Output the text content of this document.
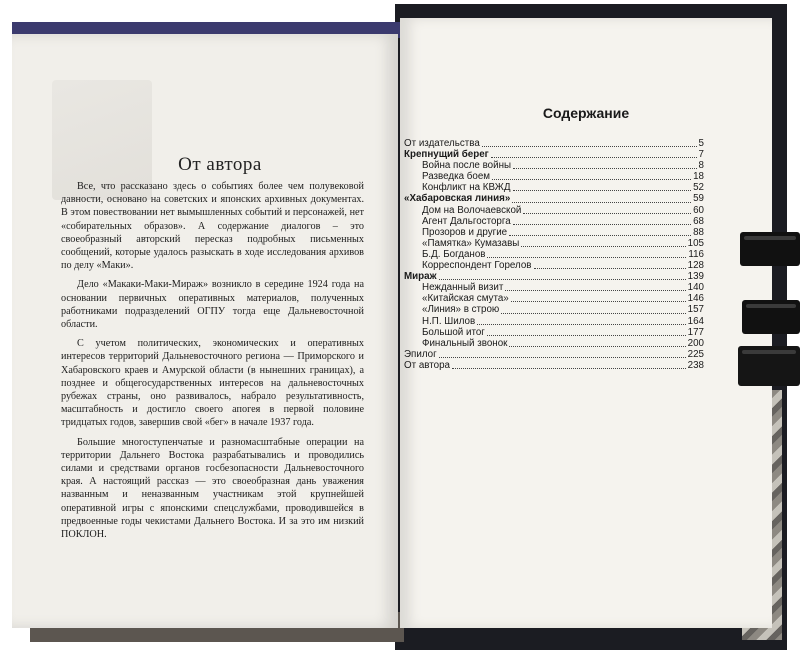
От автора

Все, что рассказано здесь о событиях более чем полувековой давности, основано на советских и японских архивных документах. В этом повествовании нет вымышленных событий и персонажей, нет «собирательных образов». А содержание диалогов – это своеобразный авторский пересказ подробных письменных сообщений, которые удалось разыскать в ходе исследования архивов по делу «Маки».

Дело «Макаки-Маки-Мираж» возникло в середине 1924 года на основании первичных оперативных материалов, полученных работниками подразделений ОГПУ тогда еще Дальневосточной области.

С учетом политических, экономических и оперативных интересов территорий Дальневосточного региона — Приморского и Хабаровского краев и Амурской области (в нынешних границах), а позднее и общегосударственных интересов на дальневосточных рубежах страны, оно развивалось, набрало результативность, масштабность и достигло своего апогея в первой половине тридцатых годов, завершив свой «бег» в начале 1937 года.

Большие многоступенчатые и разномасштабные операции на территории Дальнего Востока разрабатывались и проводились силами и средствами органов госбезопасности Дальневосточного края. А настоящий рассказ — это своеобразная дань уважения названным и неназванным участникам этой крупнейшей оперативной игры с японскими спецслужбами, проводившейся в предвоенные годы чекистами Дальнего Востока. И за это им низкий ПОКЛОН.

Содержание
От издательства	5
Крепнущий берег	7
Война после войны	8
Разведка боем	18
Конфликт на КВЖД	52
«Хабаровская линия»	59
Дом на Волочаевской	60
Агент Дальгосторга	68
Прозоров и другие	88
«Памятка» Кумазавы	105
Б.Д. Богданов	116
Корреспондент Горелов	128
Мираж	139
Нежданный визит	140
«Китайская смута»	146
«Линия» в строю	157
Н.П. Шилов	164
Большой итог	177
Финальный звонок	200
Эпилог	225
От автора	238
